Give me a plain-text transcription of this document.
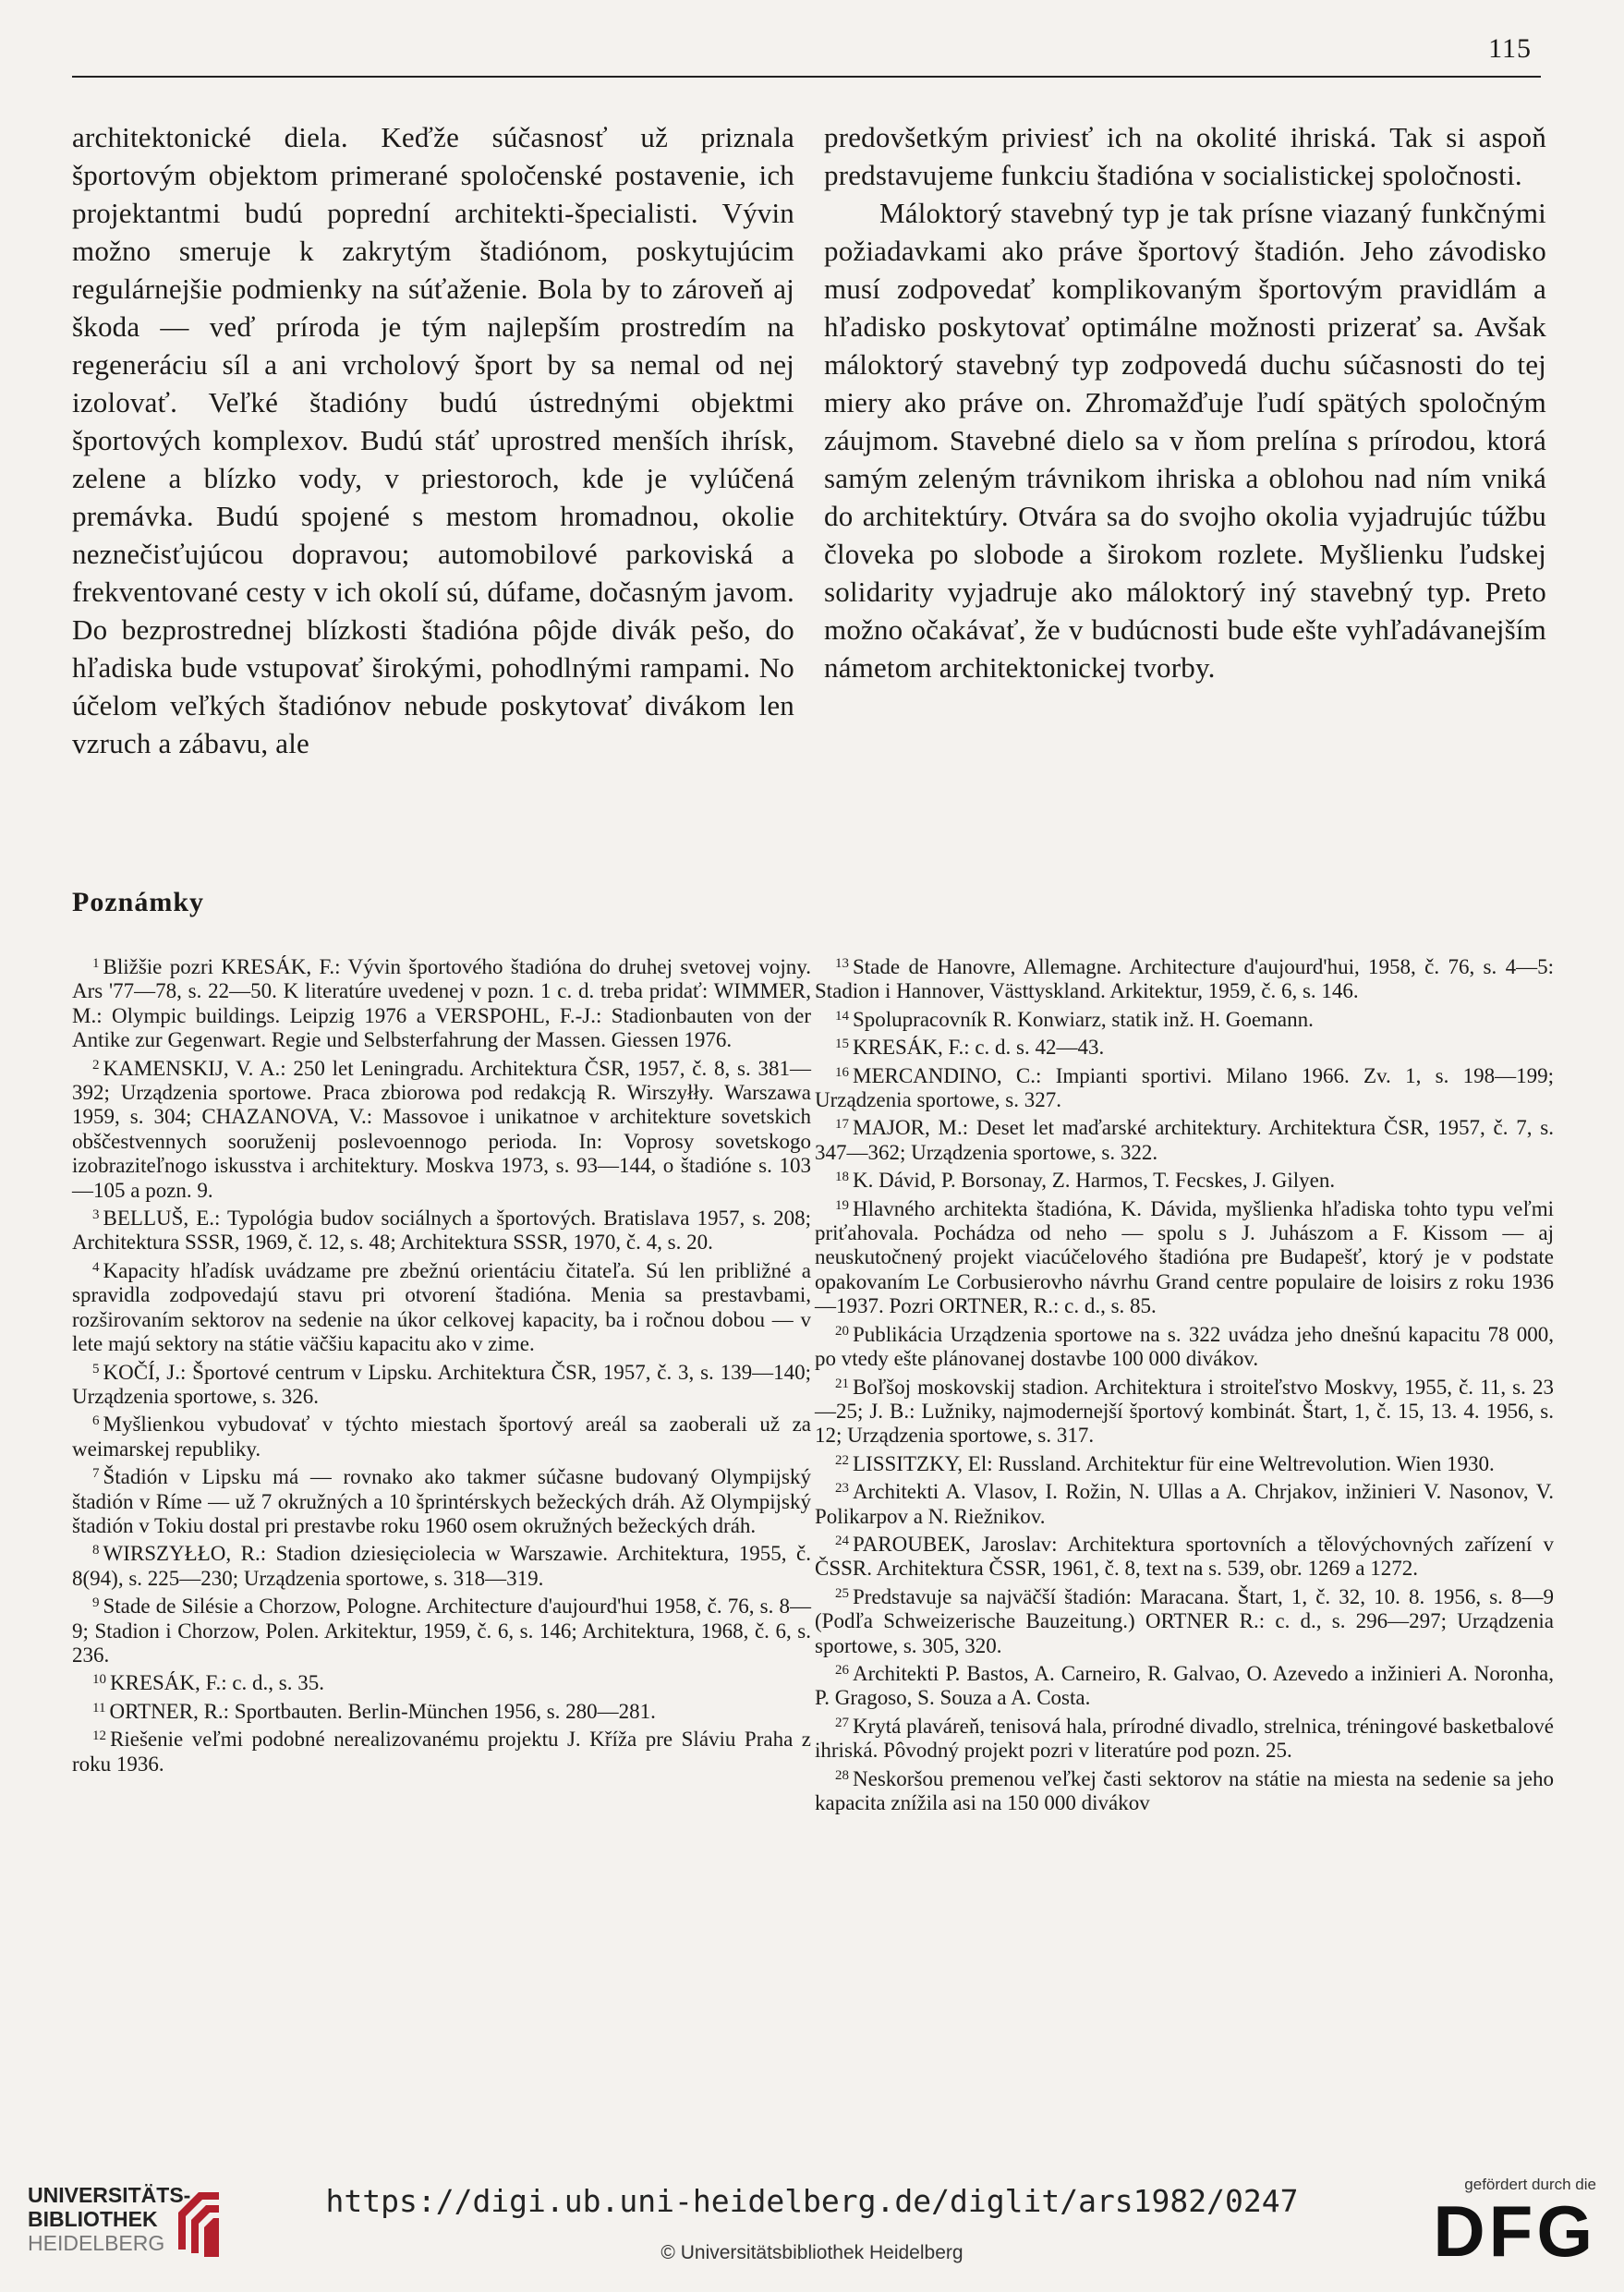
115

architektonické diela. Keďže súčasnosť už priznala športovým objektom primerané spoločenské postavenie, ich projektantmi budú poprední architekti-špecialisti. Vývin možno smeruje k zakrytým štadiónom, poskytujúcim regulárnejšie podmienky na súťaženie. Bola by to zároveň aj škoda — veď príroda je tým najlepším prostredím na regeneráciu síl a ani vrcholový šport by sa nemal od nej izolovať. Veľké štadióny budú ústrednými objektmi športových komplexov. Budú stáť uprostred menších ihrísk, zelene a blízko vody, v priestoroch, kde je vylúčená premávka. Budú spojené s mestom hromadnou, okolie neznečisťujúcou dopravou; automobilové parkoviská a frekventované cesty v ich okolí sú, dúfame, dočasným javom. Do bezprostrednej blízkosti štadióna pôjde divák pešo, do hľadiska bude vstupovať širokými, pohodlnými rampami. No účelom veľkých štadiónov nebude poskytovať divákom len vzruch a zábavu, ale

predovšetkým priviesť ich na okolité ihriská. Tak si aspoň predstavujeme funkciu štadióna v socialistickej spoločnosti.

Máloktorý stavebný typ je tak prísne viazaný funkčnými požiadavkami ako práve športový štadión. Jeho závodisko musí zodpovedať komplikovaným športovým pravidlám a hľadisko poskytovať optimálne možnosti prizerať sa. Avšak máloktorý stavebný typ zodpovedá duchu súčasnosti do tej miery ako práve on. Zhromažďuje ľudí spätých spoločným záujmom. Stavebné dielo sa v ňom prelína s prírodou, ktorá samým zeleným trávnikom ihriska a oblohou nad ním vniká do architektúry. Otvára sa do svojho okolia vyjadrujúc túžbu človeka po slobode a širokom rozlete. Myšlienku ľudskej solidarity vyjadruje ako máloktorý iný stavebný typ. Preto možno očakávať, že v budúcnosti bude ešte vyhľadávanejším námetom architektonickej tvorby.

Poznámky

$^1$ Bližšie pozri KRESÁK, F.: Vývin športového štadióna do druhej svetovej vojny. Ars '77—78, s. 22—50. K literatúre uvedenej v pozn. 1 c. d. treba pridať: WIMMER, M.: Olympic buildings. Leipzig 1976 a VERSPOHL, F.-J.: Stadionbauten von der Antike zur Gegenwart. Regie und Selbsterfahrung der Massen. Giessen 1976.

$^2$ KAMENSKIJ, V. A.: 250 let Leningradu. Architektura ČSR, 1957, č. 8, s. 381—392; Urządzenia sportowe. Praca zbiorowa pod redakcją R. Wirszyłły. Warszawa 1959, s. 304; CHAZANOVA, V.: Massovoe i unikatnoe v architekture sovetskich obščestvennych sooruženij poslevoennogo perioda. In: Voprosy sovetskogo izobraziteľnogo iskusstva i architektury. Moskva 1973, s. 93—144, o štadióne s. 103—105 a pozn. 9.

$^3$ BELLUŠ, E.: Typológia budov sociálnych a športových. Bratislava 1957, s. 208; Architektura SSSR, 1969, č. 12, s. 48; Architektura SSSR, 1970, č. 4, s. 20.

$^4$ Kapacity hľadísk uvádzame pre zbežnú orientáciu čitateľa. Sú len približné a spravidla zodpovedajú stavu pri otvorení štadióna. Menia sa prestavbami, rozširovaním sektorov na sedenie na úkor celkovej kapacity, ba i ročnou dobou — v lete majú sektory na státie väčšiu kapacitu ako v zime.

$^5$ KOČÍ, J.: Športové centrum v Lipsku. Architektura ČSR, 1957, č. 3, s. 139—140; Urządzenia sportowe, s. 326.

$^6$ Myšlienkou vybudovať v týchto miestach športový areál sa zaoberali už za weimarskej republiky.

$^7$ Štadión v Lipsku má — rovnako ako takmer súčasne budovaný Olympijský štadión v Ríme — už 7 okružných a 10 šprintérskych bežeckých dráh. Až Olympijský štadión v Tokiu dostal pri prestavbe roku 1960 osem okružných bežeckých dráh.

$^8$ WIRSZYŁŁO, R.: Stadion dziesięciolecia w Warszawie. Architektura, 1955, č. 8(94), s. 225—230; Urządzenia sportowe, s. 318—319.

$^9$ Stade de Silésie a Chorzow, Pologne. Architecture d'aujourd'hui 1958, č. 76, s. 8—9; Stadion i Chorzow, Polen. Arkitektur, 1959, č. 6, s. 146; Architektura, 1968, č. 6, s. 236.

$^{10}$ KRESÁK, F.: c. d., s. 35.

$^{11}$ ORTNER, R.: Sportbauten. Berlin-München 1956, s. 280—281.

$^{12}$ Riešenie veľmi podobné nerealizovanému projektu J. Kříža pre Sláviu Praha z roku 1936.

$^{13}$ Stade de Hanovre, Allemagne. Architecture d'aujourd'hui, 1958, č. 76, s. 4—5: Stadion i Hannover, Västtyskland. Arkitektur, 1959, č. 6, s. 146.

$^{14}$ Spolupracovník R. Konwiarz, statik inž. H. Goemann.

$^{15}$ KRESÁK, F.: c. d. s. 42—43.

$^{16}$ MERCANDINO, C.: Impianti sportivi. Milano 1966. Zv. 1, s. 198—199; Urządzenia sportowe, s. 327.

$^{17}$ MAJOR, M.: Deset let maďarské architektury. Architektura ČSR, 1957, č. 7, s. 347—362; Urządzenia sportowe, s. 322.

$^{18}$ K. Dávid, P. Borsonay, Z. Harmos, T. Fecskes, J. Gilyen.

$^{19}$ Hlavného architekta štadióna, K. Dávida, myšlienka hľadiska tohto typu veľmi priťahovala. Pochádza od neho — spolu s J. Juhászom a F. Kissom — aj neuskutočnený projekt viacúčelového štadióna pre Budapešť, ktorý je v podstate opakovaním Le Corbusierovho návrhu Grand centre populaire de loisirs z roku 1936—1937. Pozri ORTNER, R.: c. d., s. 85.

$^{20}$ Publikácia Urządzenia sportowe na s. 322 uvádza jeho dnešnú kapacitu 78 000, po vtedy ešte plánovanej dostavbe 100 000 divákov.

$^{21}$ Boľšoj moskovskij stadion. Architektura i stroiteľstvo Moskvy, 1955, č. 11, s. 23—25; J. B.: Lužniky, najmodernejší športový kombinát. Štart, 1, č. 15, 13. 4. 1956, s. 12; Urządzenia sportowe, s. 317.

$^{22}$ LISSITZKY, El: Russland. Architektur für eine Weltrevolution. Wien 1930.

$^{23}$ Architekti A. Vlasov, I. Rožin, N. Ullas a A. Chrjakov, inžinieri V. Nasonov, V. Polikarpov a N. Riežnikov.

$^{24}$ PAROUBEK, Jaroslav: Architektura sportovních a tělovýchovných zařízení v ČSSR. Architektura ČSSR, 1961, č. 8, text na s. 539, obr. 1269 a 1272.

$^{25}$ Predstavuje sa najväčší štadión: Maracana. Štart, 1, č. 32, 10. 8. 1956, s. 8—9 (Podľa Schweizerische Bauzeitung.) ORTNER R.: c. d., s. 296—297; Urządzenia sportowe, s. 305, 320.

$^{26}$ Architekti P. Bastos, A. Carneiro, R. Galvao, O. Azevedo a inžinieri A. Noronha, P. Gragoso, S. Souza a A. Costa.

$^{27}$ Krytá plaváreň, tenisová hala, prírodné divadlo, strelnica, tréningové basketbalové ihriská. Pôvodný projekt pozri v literatúre pod pozn. 25.

$^{28}$ Neskoršou premenou veľkej časti sektorov na státie na miesta na sedenie sa jeho kapacita znížila asi na 150 000 divákov

UNIVERSITÄTS-
BIBLIOTHEK
HEIDELBERG
https://digi.ub.uni-heidelberg.de/diglit/ars1982/0247
© Universitätsbibliothek Heidelberg
gefördert durch die
DFG
